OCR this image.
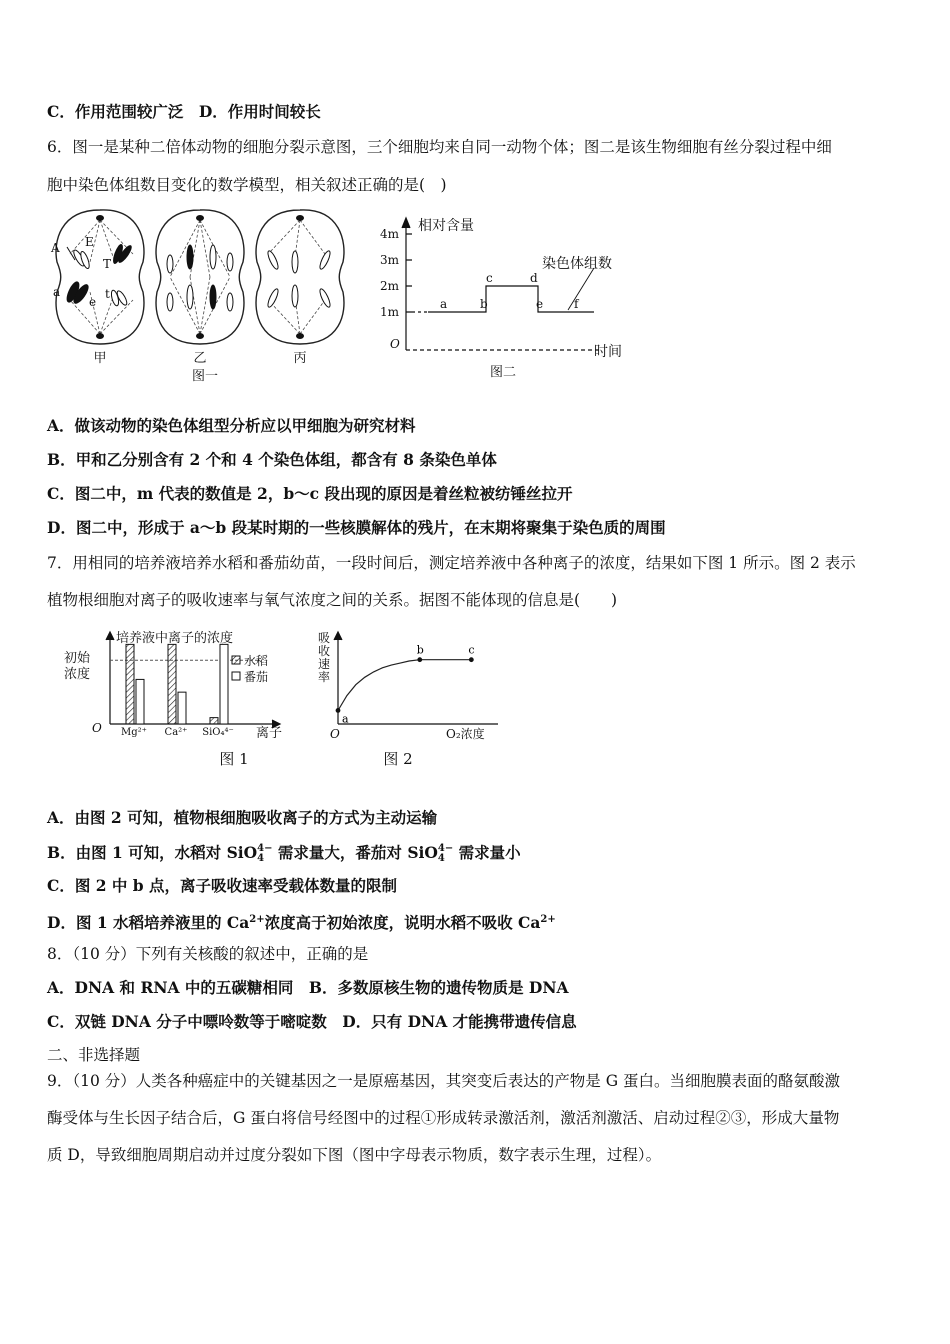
C．作用范围较广泛　D．作用时间较长
6．图一是某种二倍体动物的细胞分裂示意图，三个细胞均来自同一动物个体；图二是该生物细胞有丝分裂过程中细
胞中染色体组数目变化的数学模型，相关叙述正确的是(　)
A E
T
a
e
t
甲	乙	丙
图一
4m
3m
2m
1m
相对含量
O	时间
染色体组数
a	b
c	d
e	f
图二
A．做该动物的染色体组型分析应以甲细胞为研究材料
B．甲和乙分别含有 2 个和 4 个染色体组，都含有 8 条染色单体
C．图二中，m 代表的数值是 2，b～c 段出现的原因是着丝粒被纺锤丝拉开
D．图二中，形成于 a～b 段某时期的一些核膜解体的残片，在末期将聚集于染色质的周围
7．用相同的培养液培养水稻和番茄幼苗，一段时间后，测定培养液中各种离子的浓度，结果如下图 1 所示。图 2 表示
植物根细胞对离子的吸收速率与氧气浓度之间的关系。据图不能体现的信息是(　　)
培养液中离子的浓度
初始
浓度
O	离子
水稻
番茄
Mg²⁺ Ca²⁺ SiO₄⁴⁻
图 1
a
b	c
吸
收
速
率
O	O₂浓度
图 2
A．由图 2 可知，植物根细胞吸收离子的方式为主动运输
B．由图 1 可知，水稻对 SiO 4−
4 需求量大，番茄对 SiO 4−
4 需求量小
C．图 2 中 b 点，离子吸收速率受载体数量的限制
D．图 1 水稻培养液里的 $Ca^{2+}$浓度高于初始浓度，说明水稻不吸收 $Ca^{2+}$
8．（10 分）下列有关核酸的叙述中，正确的是
A．DNA 和 RNA 中的五碳糖相同　B．多数原核生物的遗传物质是 DNA
C．双链 DNA 分子中嘌呤数等于嘧啶数　D．只有 DNA 才能携带遗传信息
二、非选择题
9．（10 分）人类各种癌症中的关键基因之一是原癌基因，其突变后表达的产物是 G 蛋白。当细胞膜表面的酪氨酸激
酶受体与生长因子结合后，G 蛋白将信号经图中的过程①形成转录激活剂，激活剂激活、启动过程②③，形成大量物
质 D，导致细胞周期启动并过度分裂如下图（图中字母表示物质，数字表示生理，过程）。
